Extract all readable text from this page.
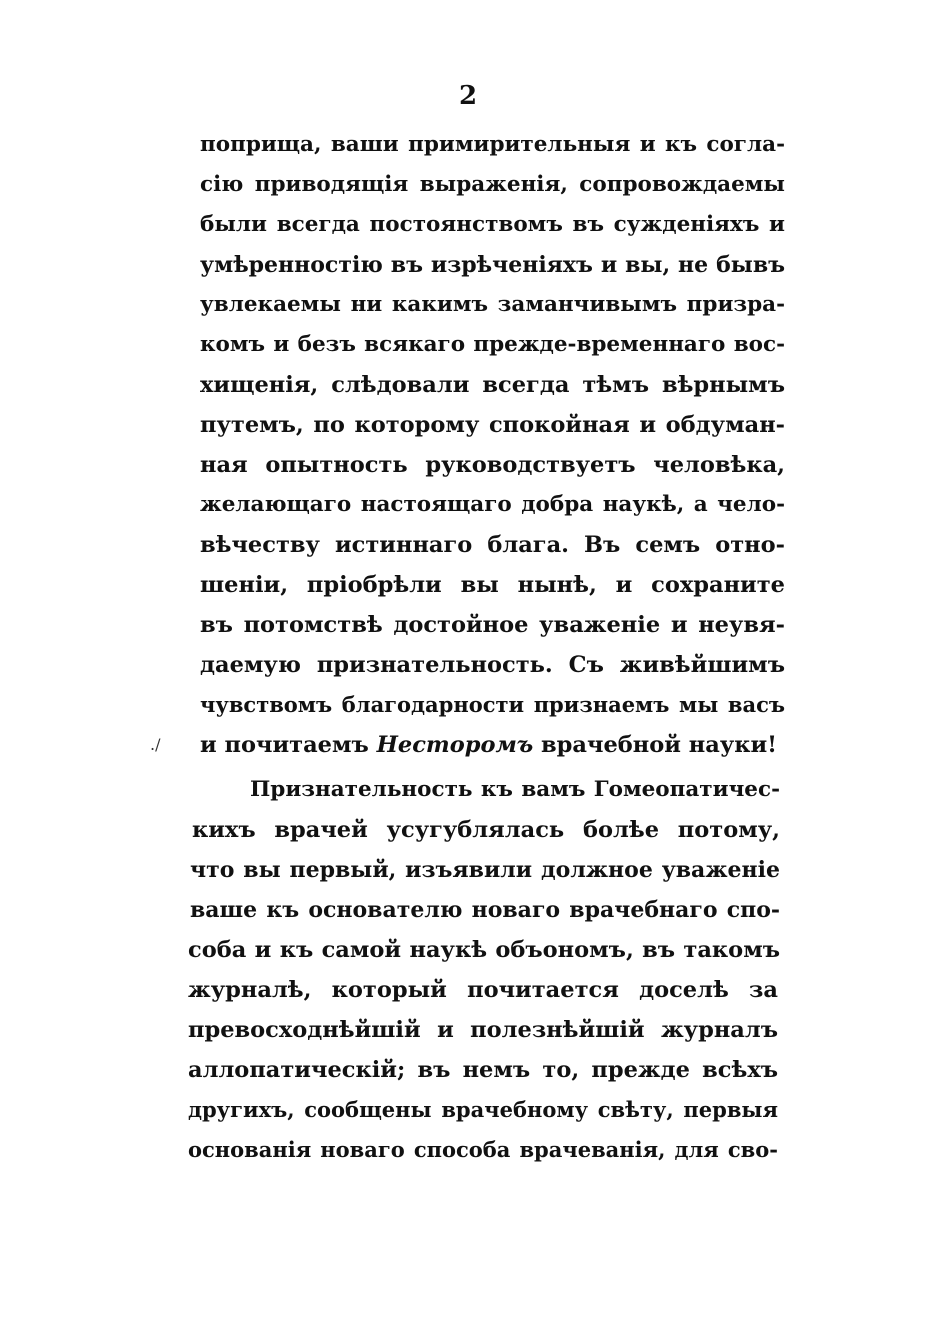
2
./
поприща, ваши примирительныя и къ согла-
сію приводящія выраженія, сопровождаемы
были всегда постоянствомъ въ сужденіяхъ и
умѣренностію въ изрѣченіяхъ и вы, не бывъ
увлекаемы ни какимъ заманчивымъ призра-
комъ и безъ всякаго прежде-временнаго вос-
хищенія, слѣдовали всегда тѣмъ вѣрнымъ
путемъ, по которому спокойная и обдуман-
ная опытность руководствуетъ человѣка,
желающаго настоящаго добра наукѣ, а чело-
вѣчеству истиннаго блага. Въ семъ отно-
шеніи, пріобрѣли вы нынѣ, и сохраните
въ потомствѣ достойное уваженіе и неувя-
даемую признательность. Съ живѣйшимъ
чувствомъ благодарности признаемъ мы васъ
и почитаемъ Несторомъ врачебной науки!
Признательность къ вамъ Гомеопатичес-
кихъ врачей усугублялась болѣе потому,
что вы первый, изъявили должное уваженіе
ваше къ основателю новаго врачебнаго спо-
соба и къ самой наукѣ объономъ, въ такомъ
журналѣ, который почитается доселѣ за
превосходнѣйшій и полезнѣйшій журналъ
аллопатическій; въ немъ то, прежде всѣхъ
другихъ, сообщены врачебному свѣту, первыя
основанія новаго способа врачеванія, для сво-
